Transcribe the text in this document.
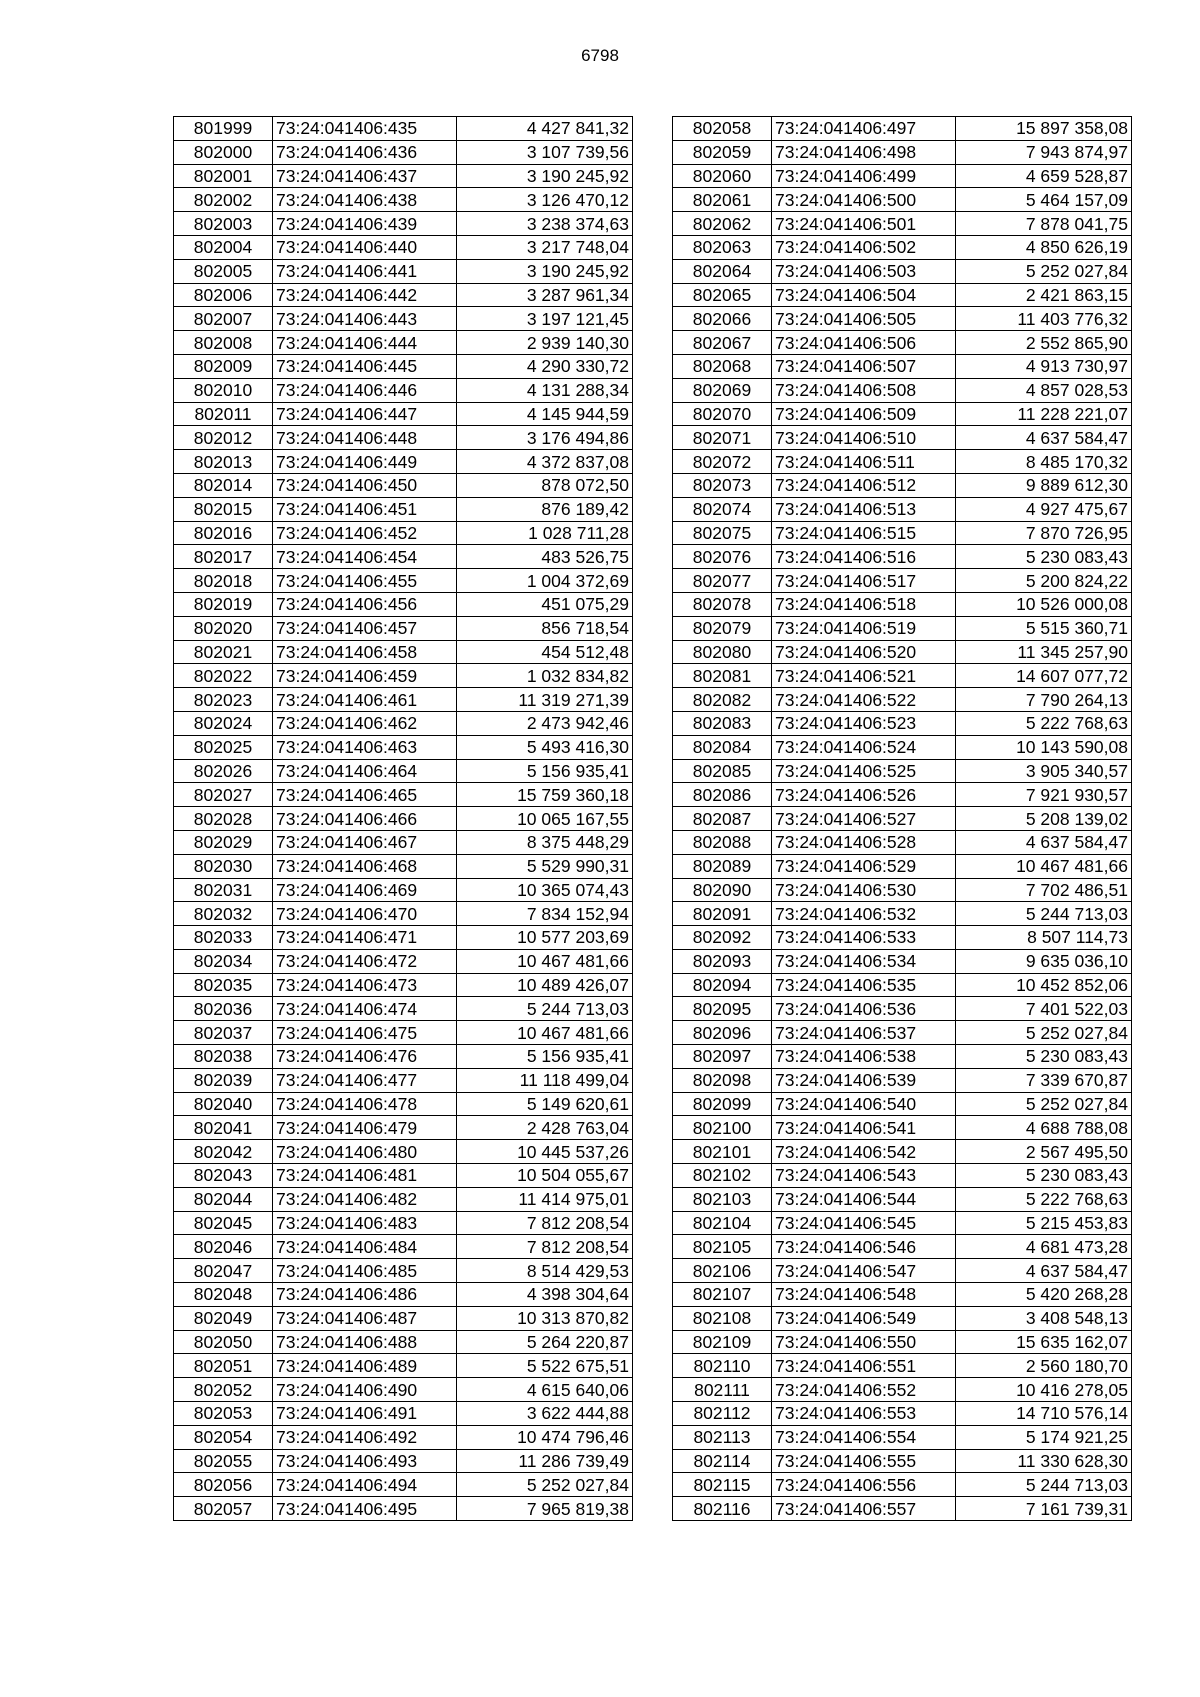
6798
801999	73:24:041406:435	4 427 841,32
802000	73:24:041406:436	3 107 739,56
802001	73:24:041406:437	3 190 245,92
802002	73:24:041406:438	3 126 470,12
802003	73:24:041406:439	3 238 374,63
802004	73:24:041406:440	3 217 748,04
802005	73:24:041406:441	3 190 245,92
802006	73:24:041406:442	3 287 961,34
802007	73:24:041406:443	3 197 121,45
802008	73:24:041406:444	2 939 140,30
802009	73:24:041406:445	4 290 330,72
802010	73:24:041406:446	4 131 288,34
802011	73:24:041406:447	4 145 944,59
802012	73:24:041406:448	3 176 494,86
802013	73:24:041406:449	4 372 837,08
802014	73:24:041406:450	878 072,50
802015	73:24:041406:451	876 189,42
802016	73:24:041406:452	1 028 711,28
802017	73:24:041406:454	483 526,75
802018	73:24:041406:455	1 004 372,69
802019	73:24:041406:456	451 075,29
802020	73:24:041406:457	856 718,54
802021	73:24:041406:458	454 512,48
802022	73:24:041406:459	1 032 834,82
802023	73:24:041406:461	11 319 271,39
802024	73:24:041406:462	2 473 942,46
802025	73:24:041406:463	5 493 416,30
802026	73:24:041406:464	5 156 935,41
802027	73:24:041406:465	15 759 360,18
802028	73:24:041406:466	10 065 167,55
802029	73:24:041406:467	8 375 448,29
802030	73:24:041406:468	5 529 990,31
802031	73:24:041406:469	10 365 074,43
802032	73:24:041406:470	7 834 152,94
802033	73:24:041406:471	10 577 203,69
802034	73:24:041406:472	10 467 481,66
802035	73:24:041406:473	10 489 426,07
802036	73:24:041406:474	5 244 713,03
802037	73:24:041406:475	10 467 481,66
802038	73:24:041406:476	5 156 935,41
802039	73:24:041406:477	11 118 499,04
802040	73:24:041406:478	5 149 620,61
802041	73:24:041406:479	2 428 763,04
802042	73:24:041406:480	10 445 537,26
802043	73:24:041406:481	10 504 055,67
802044	73:24:041406:482	11 414 975,01
802045	73:24:041406:483	7 812 208,54
802046	73:24:041406:484	7 812 208,54
802047	73:24:041406:485	8 514 429,53
802048	73:24:041406:486	4 398 304,64
802049	73:24:041406:487	10 313 870,82
802050	73:24:041406:488	5 264 220,87
802051	73:24:041406:489	5 522 675,51
802052	73:24:041406:490	4 615 640,06
802053	73:24:041406:491	3 622 444,88
802054	73:24:041406:492	10 474 796,46
802055	73:24:041406:493	11 286 739,49
802056	73:24:041406:494	5 252 027,84
802057	73:24:041406:495	7 965 819,38
802058	73:24:041406:497	15 897 358,08
802059	73:24:041406:498	7 943 874,97
802060	73:24:041406:499	4 659 528,87
802061	73:24:041406:500	5 464 157,09
802062	73:24:041406:501	7 878 041,75
802063	73:24:041406:502	4 850 626,19
802064	73:24:041406:503	5 252 027,84
802065	73:24:041406:504	2 421 863,15
802066	73:24:041406:505	11 403 776,32
802067	73:24:041406:506	2 552 865,90
802068	73:24:041406:507	4 913 730,97
802069	73:24:041406:508	4 857 028,53
802070	73:24:041406:509	11 228 221,07
802071	73:24:041406:510	4 637 584,47
802072	73:24:041406:511	8 485 170,32
802073	73:24:041406:512	9 889 612,30
802074	73:24:041406:513	4 927 475,67
802075	73:24:041406:515	7 870 726,95
802076	73:24:041406:516	5 230 083,43
802077	73:24:041406:517	5 200 824,22
802078	73:24:041406:518	10 526 000,08
802079	73:24:041406:519	5 515 360,71
802080	73:24:041406:520	11 345 257,90
802081	73:24:041406:521	14 607 077,72
802082	73:24:041406:522	7 790 264,13
802083	73:24:041406:523	5 222 768,63
802084	73:24:041406:524	10 143 590,08
802085	73:24:041406:525	3 905 340,57
802086	73:24:041406:526	7 921 930,57
802087	73:24:041406:527	5 208 139,02
802088	73:24:041406:528	4 637 584,47
802089	73:24:041406:529	10 467 481,66
802090	73:24:041406:530	7 702 486,51
802091	73:24:041406:532	5 244 713,03
802092	73:24:041406:533	8 507 114,73
802093	73:24:041406:534	9 635 036,10
802094	73:24:041406:535	10 452 852,06
802095	73:24:041406:536	7 401 522,03
802096	73:24:041406:537	5 252 027,84
802097	73:24:041406:538	5 230 083,43
802098	73:24:041406:539	7 339 670,87
802099	73:24:041406:540	5 252 027,84
802100	73:24:041406:541	4 688 788,08
802101	73:24:041406:542	2 567 495,50
802102	73:24:041406:543	5 230 083,43
802103	73:24:041406:544	5 222 768,63
802104	73:24:041406:545	5 215 453,83
802105	73:24:041406:546	4 681 473,28
802106	73:24:041406:547	4 637 584,47
802107	73:24:041406:548	5 420 268,28
802108	73:24:041406:549	3 408 548,13
802109	73:24:041406:550	15 635 162,07
802110	73:24:041406:551	2 560 180,70
802111	73:24:041406:552	10 416 278,05
802112	73:24:041406:553	14 710 576,14
802113	73:24:041406:554	5 174 921,25
802114	73:24:041406:555	11 330 628,30
802115	73:24:041406:556	5 244 713,03
802116	73:24:041406:557	7 161 739,31
